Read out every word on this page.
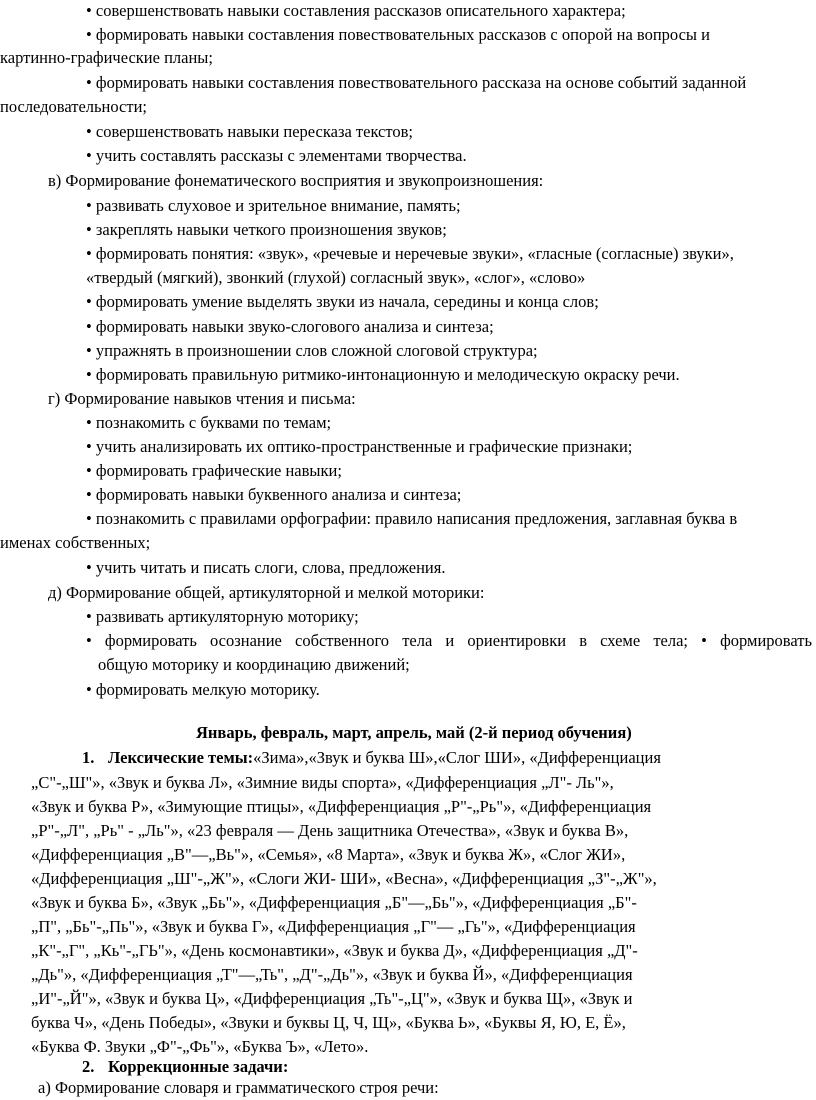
• совершенствовать навыки составления рассказов описательного характера;
• формировать навыки составления повествовательных рассказов с опорой на вопросы и
картинно-графические планы;
• формировать навыки составления повествовательного рассказа на основе событий заданной
последовательности;
• совершенствовать навыки пересказа текстов;
• учить составлять рассказы с элементами творчества.
в) Формирование фонематического восприятия и звукопроизношения:
• развивать слуховое и зрительное внимание, память;
• закреплять навыки четкого произношения звуков;
• формировать понятия: «звук», «речевые и неречевые звуки», «гласные (согласные) звуки»,
«твердый (мягкий), звонкий (глухой) согласный звук», «слог», «слово»
• формировать умение выделять звуки из начала, середины и конца слов;
• формировать навыки звуко-слогового анализа и синтеза;
• упражнять в произношении слов сложной слоговой структура;
• формировать правильную ритмико-интонационную и мелодическую окраску речи.
г) Формирование навыков чтения и письма:
• познакомить с буквами по темам;
• учить анализировать их оптико-пространственные и графические признаки;
• формировать графические навыки;
• формировать навыки буквенного анализа и синтеза;
• познакомить с правилами орфографии: правило написания предложения, заглавная буква в
именах собственных;
• учить читать и писать слоги, слова, предложения.
д) Формирование общей, артикуляторной и мелкой моторики:
• развивать артикуляторную моторику;
• формировать осознание собственного тела и ориентировки в схеме тела; • формировать
общую моторику и координацию движений;
• формировать мелкую моторику.
Январь, февраль, март, апрель, май (2-й период обучения)
1. Лексические темы:«Зима»,«Звук и буква Ш»,«Слог ШИ», «Дифференциация
„С"-„Ш"», «Звук и буква Л», «Зимние виды спорта», «Дифференциация „Л"- Ль"»,
«Звук и буква Р», «Зимующие птицы», «Дифференциация „Р"-„Рь"», «Дифференциация
„Р"-„Л", „Рь" - „Ль"», «23 февраля — День защитника Отечества», «Звук и буква В»,
«Дифференциация „В"—„Вь"», «Семья», «8 Марта», «Звук и буква Ж», «Слог ЖИ»,
«Дифференциация „Ш"-„Ж"», «Слоги ЖИ- ШИ», «Весна», «Дифференциация „З"-„Ж"»,
«Звук и буква Б», «Звук „Бь"», «Дифференциация „Б"—„Бь"», «Дифференциация „Б"-
„П", „Бь"-„Пь"», «Звук и буква Г», «Дифференциация „Г"— „Гь"», «Дифференциация
„К"-„Г", „Кь"-„ГЬ"», «День космонавтики», «Звук и буква Д», «Дифференциация „Д"-
„Дь"», «Дифференциация „Т"—„Ть", „Д"-„Дь"», «Звук и буква Й», «Дифференциация
„И"-„Й"», «Звук и буква Ц», «Дифференциация „Ть"-„Ц"», «Звук и буква Щ», «Звук и
буква Ч», «День Победы», «Звуки и буквы Ц, Ч, Щ», «Буква Ь», «Буквы Я, Ю, Е, Ё»,
«Буква Ф. Звуки „Ф"-„Фь"», «Буква Ъ», «Лето».
2. Коррекционные задачи:
а) Формирование словаря и грамматического строя речи:
